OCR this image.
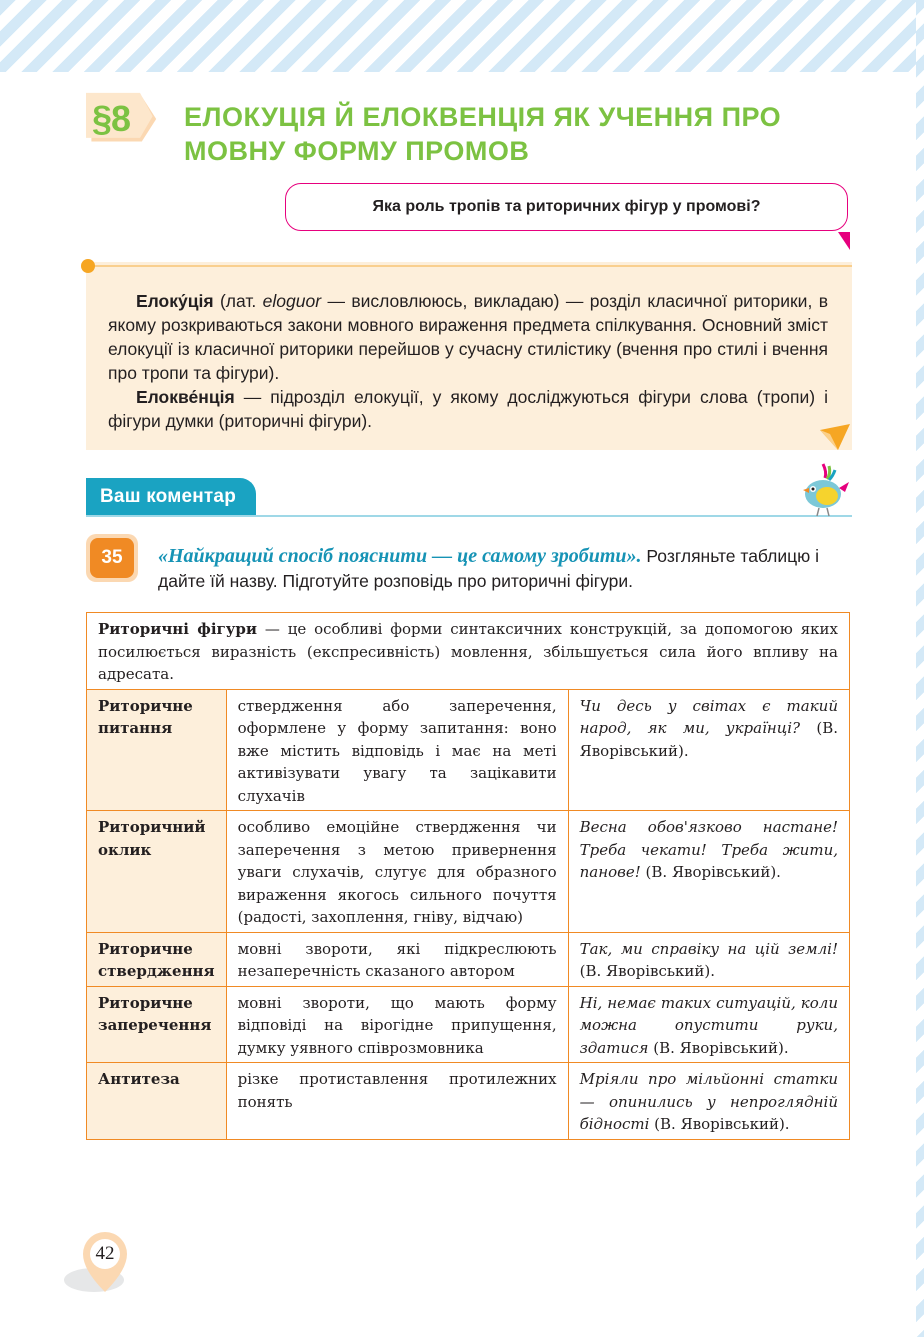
§8 ЕЛОКУЦІЯ Й ЕЛОКВЕНЦІЯ ЯК УЧЕННЯ ПРО
МОВНУ ФОРМУ ПРОМОВ
Яка роль тропів та риторичних фігур у промові?

Елоку́ція (лат. eloguor — висловлююсь, викладаю) — розділ класичної риторики, в якому розкриваються закони мовного вираження предмета спілкування. Основний зміст елокуції із класичної риторики перейшов у сучасну стилістику (вчення про стилі і вчення про тропи та фігури).

Елокве́нція — підрозділ елокуції, у якому досліджуються фігури слова (тропи) і фігури думки (риторичні фігури).

Ваш коментар
35 «Найкращий спосіб пояснити — це самому зробити». Розгляньте таблицю і дайте їй назву. Підготуйте розповідь про риторичні фігури.
Риторичні фігури — це особливі форми синтаксичних конструкцій, за допомогою яких посилюється виразність (експресивність) мовлення, збільшується сила його впливу на адресата.		
Риторичне питання	ствердження або заперечення, оформлене у форму запитання: воно вже містить відповідь і має на меті активізувати увагу та зацікавити слухачів	Чи десь у світах є такий народ, як ми, українці? (В. Яворівський).
Риторичний оклик	особливо емоційне ствердження чи заперечення з метою привернення уваги слухачів, слугує для образного вираження якогось сильного почуття (радості, захоплення, гніву, відчаю)	Весна обов'язково настане! Треба чекати! Треба жити, панове! (В. Яворівський).
Риторичне ствердження	мовні звороти, які підкреслюють незаперечність сказаного автором	Так, ми справіку на цій землі! (В. Яворівський).
Риторичне заперечення	мовні звороти, що мають форму відповіді на вірогідне припущення, думку уявного співрозмовника	Ні, немає таких ситуацій, коли можна опустити руки, здатися (В. Яворівський).
Антитеза	різке протиставлення протилежних понять	Мріяли про мільйонні статки — опинились у непроглядній бідності (В. Яворівський).
42
